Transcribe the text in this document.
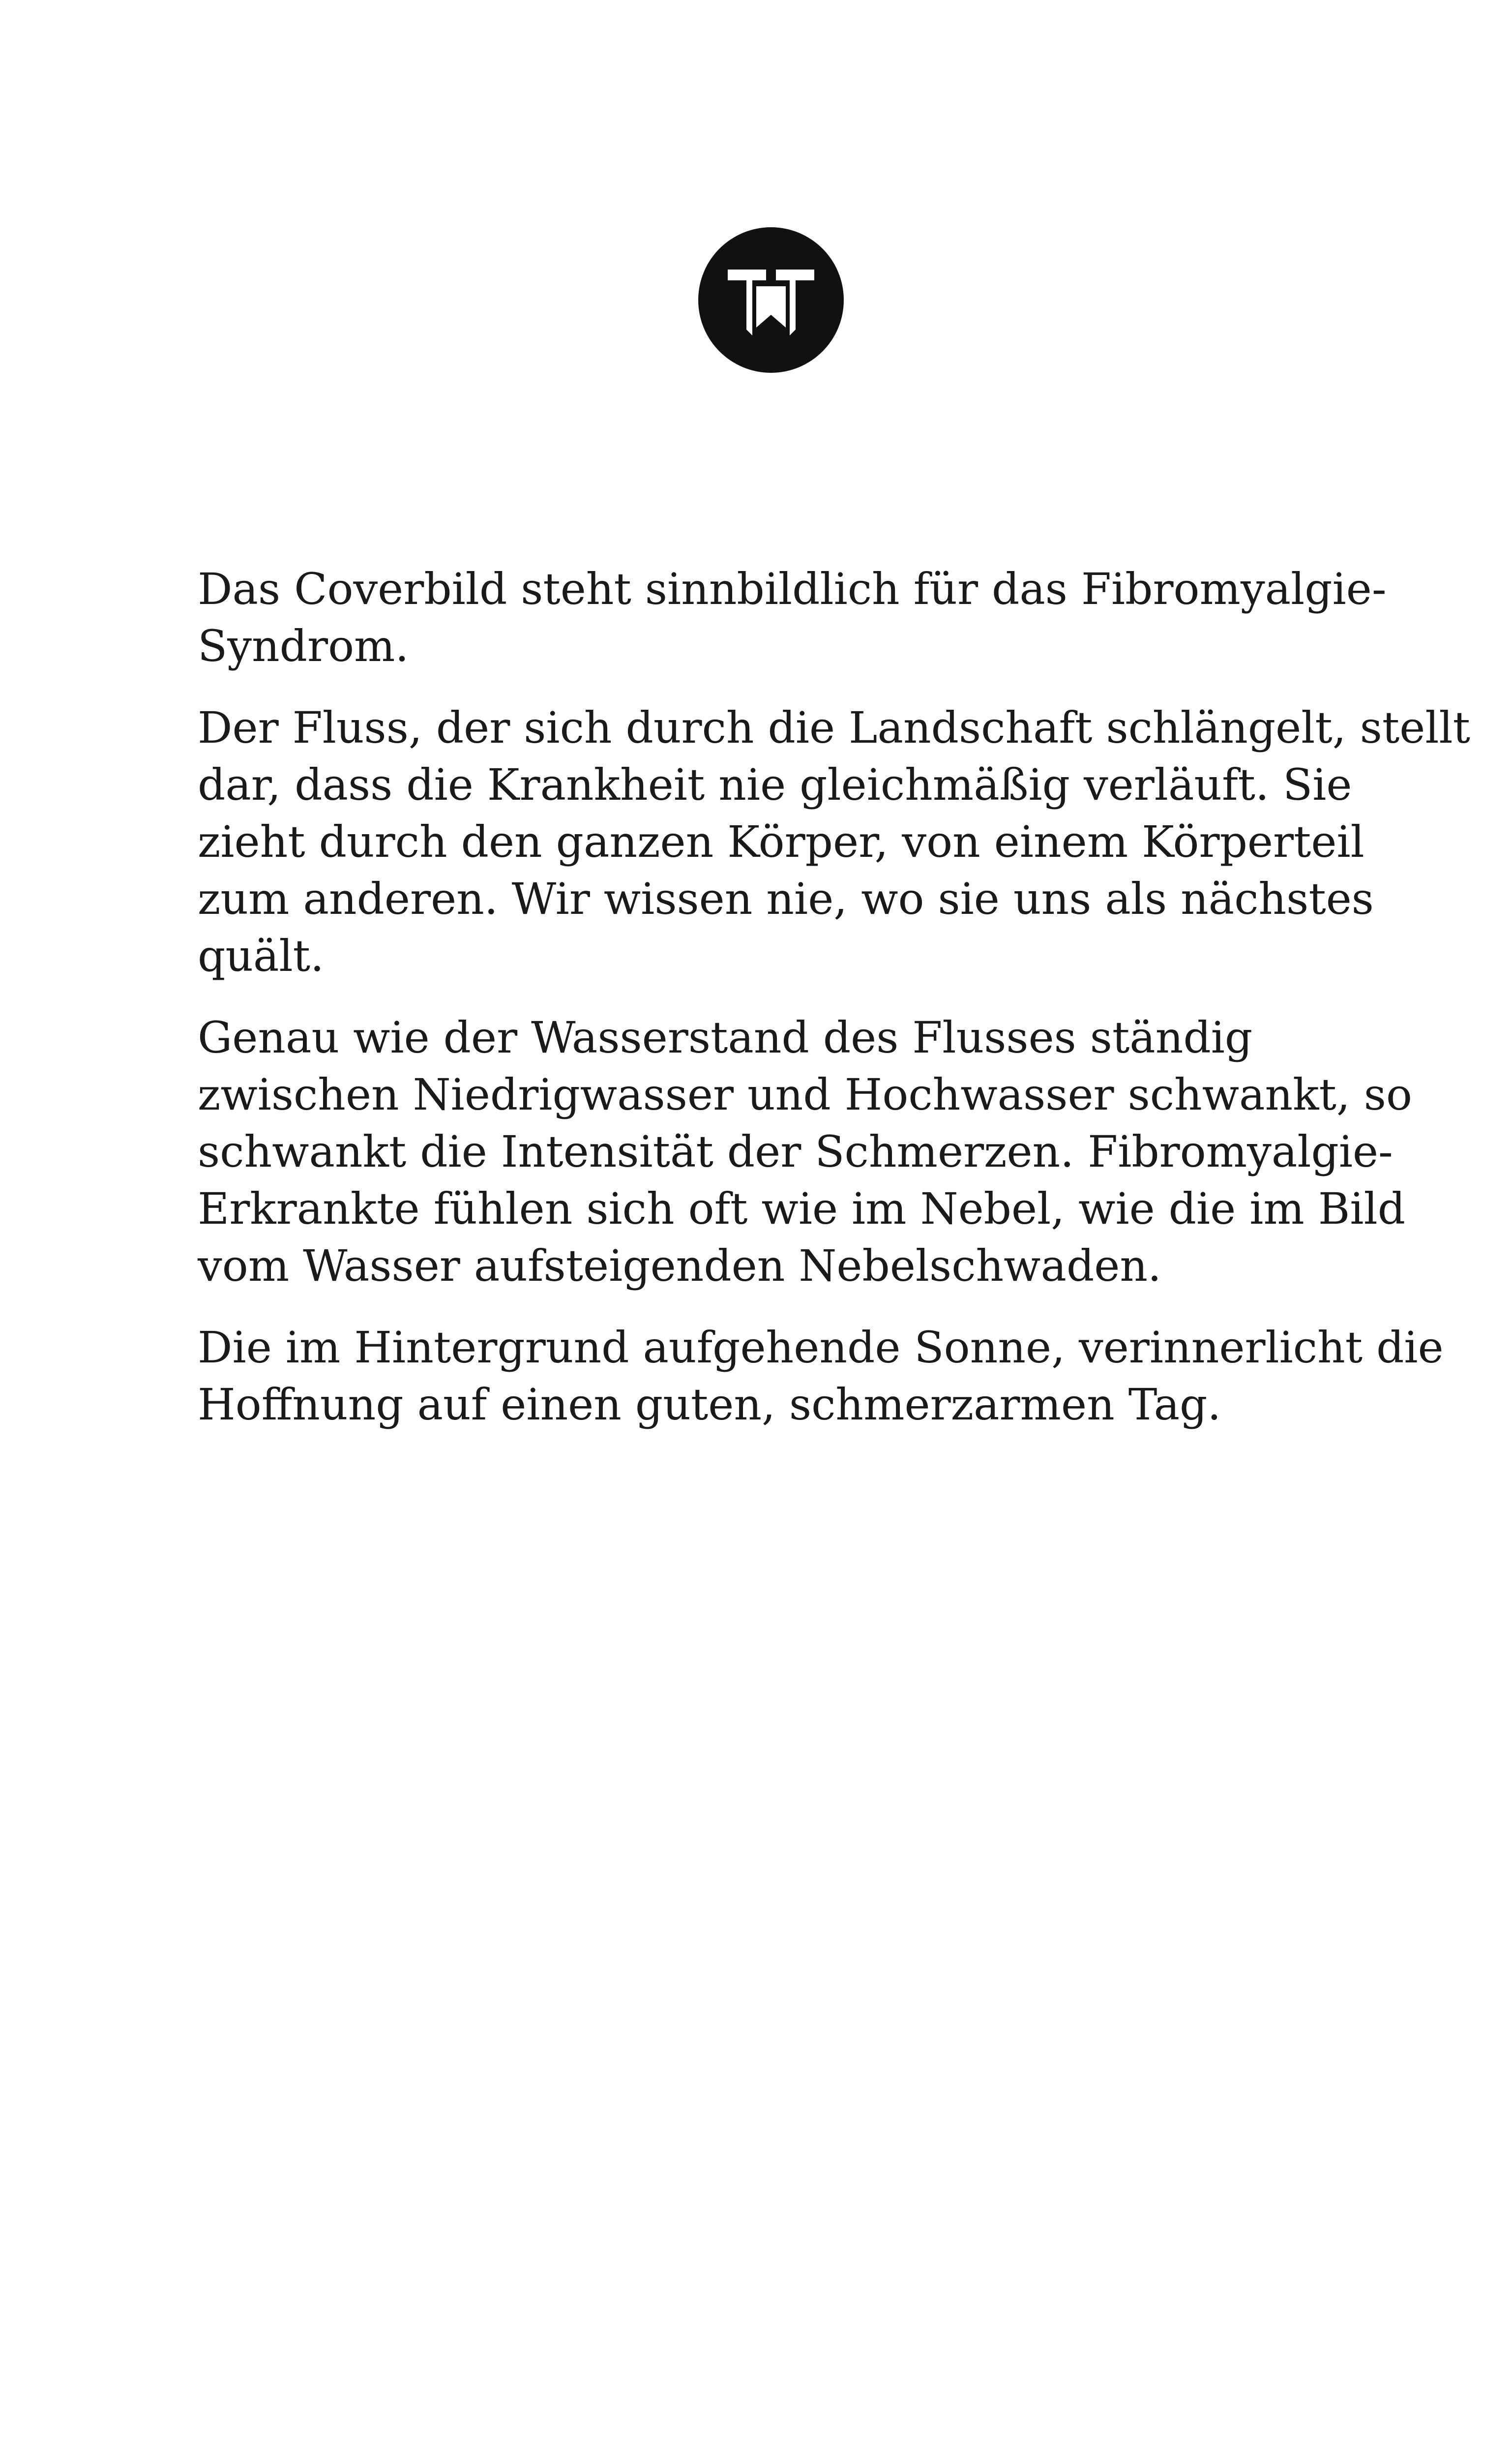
Das Coverbild steht sinnbildlich für das Fibromyalgie-
Syndrom.

Der Fluss, der sich durch die Landschaft schlängelt, stellt
dar, dass die Krankheit nie gleichmäßig verläuft. Sie
zieht durch den ganzen Körper, von einem Körperteil
zum anderen. Wir wissen nie, wo sie uns als nächstes
quält.

Genau wie der Wasserstand des Flusses ständig
zwischen Niedrigwasser und Hochwasser schwankt, so
schwankt die Intensität der Schmerzen. Fibromyalgie-
Erkrankte fühlen sich oft wie im Nebel, wie die im Bild
vom Wasser aufsteigenden Nebelschwaden.

Die im Hintergrund aufgehende Sonne, verinnerlicht die
Hoffnung auf einen guten, schmerzarmen Tag.
